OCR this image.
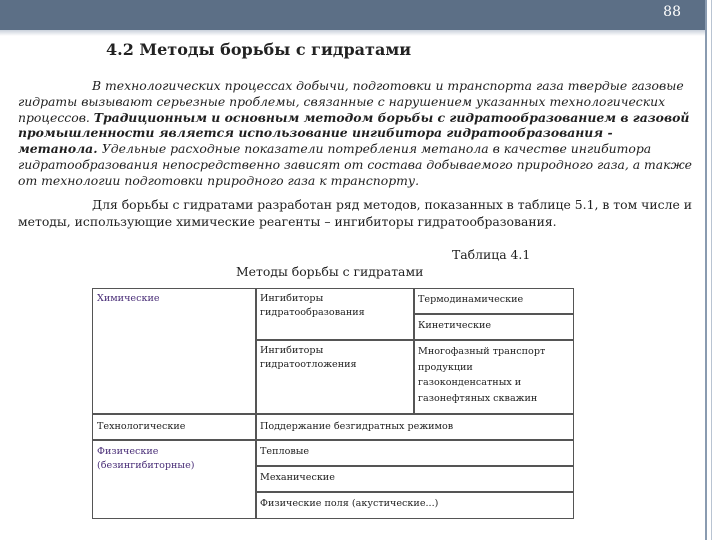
88
4.2 Методы борьбы с гидратами

В технологических процессах добычи, подготовки и транспорта газа твердые газовые гидраты вызывают серьезные проблемы, связанные с нарушением указанных технологических процессов. Традиционным и основным методом борьбы с гидратообразованием в газовой промышленности является использование ингибитора гидратообразования - метанола. Удельные расходные показатели потребления метанола в качестве ингибитора гидратообразования непосредственно зависят от состава добываемого природного газа, а также от технологии подготовки природного газа к транспорту.

Для борьбы с гидратами разработан ряд методов, показанных в таблице 5.1, в том числе и методы, использующие химические реагенты – ингибиторы гидратообразования.
Таблица 4.1
Методы борьбы с гидратами
Химические	Ингибиторы гидратообразования
Термодинамические
Кинетические
Ингибиторы гидратоотложения
Многофазный транспорт продукции газоконденсатных и газонефтяных скважин
Технологические	Поддержание безгидратных режимов
Физические (безингибиторные)
Тепловые
Механические
Физические поля (акустические...)
